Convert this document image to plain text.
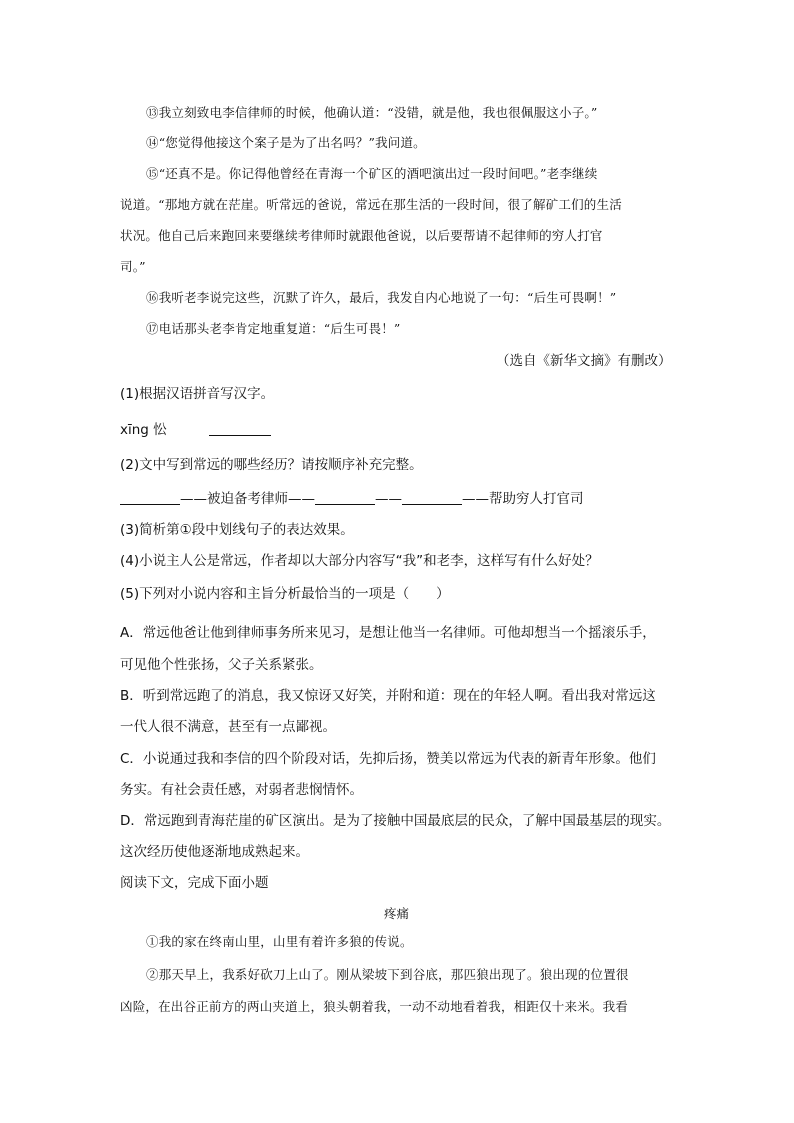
⑬我立刻致电李信律师的时候，他确认道：“没错，就是他，我也很佩服这小子。”
⑭“您觉得他接这个案子是为了出名吗？”我问道。
⑮“还真不是。你记得他曾经在青海一个矿区的酒吧演出过一段时间吧。”老李继续
说道。“那地方就在茫崖。听常远的爸说，常远在那生活的一段时间，很了解矿工们的生活
状况。他自己后来跑回来要继续考律师时就跟他爸说，以后要帮请不起律师的穷人打官
司。”
⑯我听老李说完这些，沉默了许久，最后，我发自内心地说了一句：“后生可畏啊！”
⑰电话那头老李肯定地重复道：“后生可畏！”
（选自《新华文摘》有删改）
(1)根据汉语拼音写汉字。
xīng 忪
(2)文中写到常远的哪些经历？请按顺序补充完整。
——被迫备考律师——	——	——帮助穷人打官司
(3)简析第①段中划线句子的表达效果。
(4)小说主人公是常远，作者却以大部分内容写“我”和老李，这样写有什么好处？
(5)下列对小说内容和主旨分析最恰当的一项是（　　）
A．常远他爸让他到律师事务所来见习，是想让他当一名律师。可他却想当一个摇滚乐手，
可见他个性张扬，父子关系紧张。
B．听到常远跑了的消息，我又惊讶又好笑，并附和道：现在的年轻人啊。看出我对常远这
一代人很不满意，甚至有一点鄙视。
C．小说通过我和李信的四个阶段对话，先抑后扬，赞美以常远为代表的新青年形象。他们
务实。有社会责任感，对弱者悲悯情怀。
D．常远跑到青海茫崖的矿区演出。是为了接触中国最底层的民众，了解中国最基层的现实。
这次经历使他逐渐地成熟起来。
阅读下文，完成下面小题
疼痛
①我的家在终南山里，山里有着许多狼的传说。
②那天早上，我系好砍刀上山了。刚从梁坡下到谷底，那匹狼出现了。狼出现的位置很
凶险，在出谷正前方的两山夹道上，狼头朝着我，一动不动地看着我，相距仅十来米。我看
